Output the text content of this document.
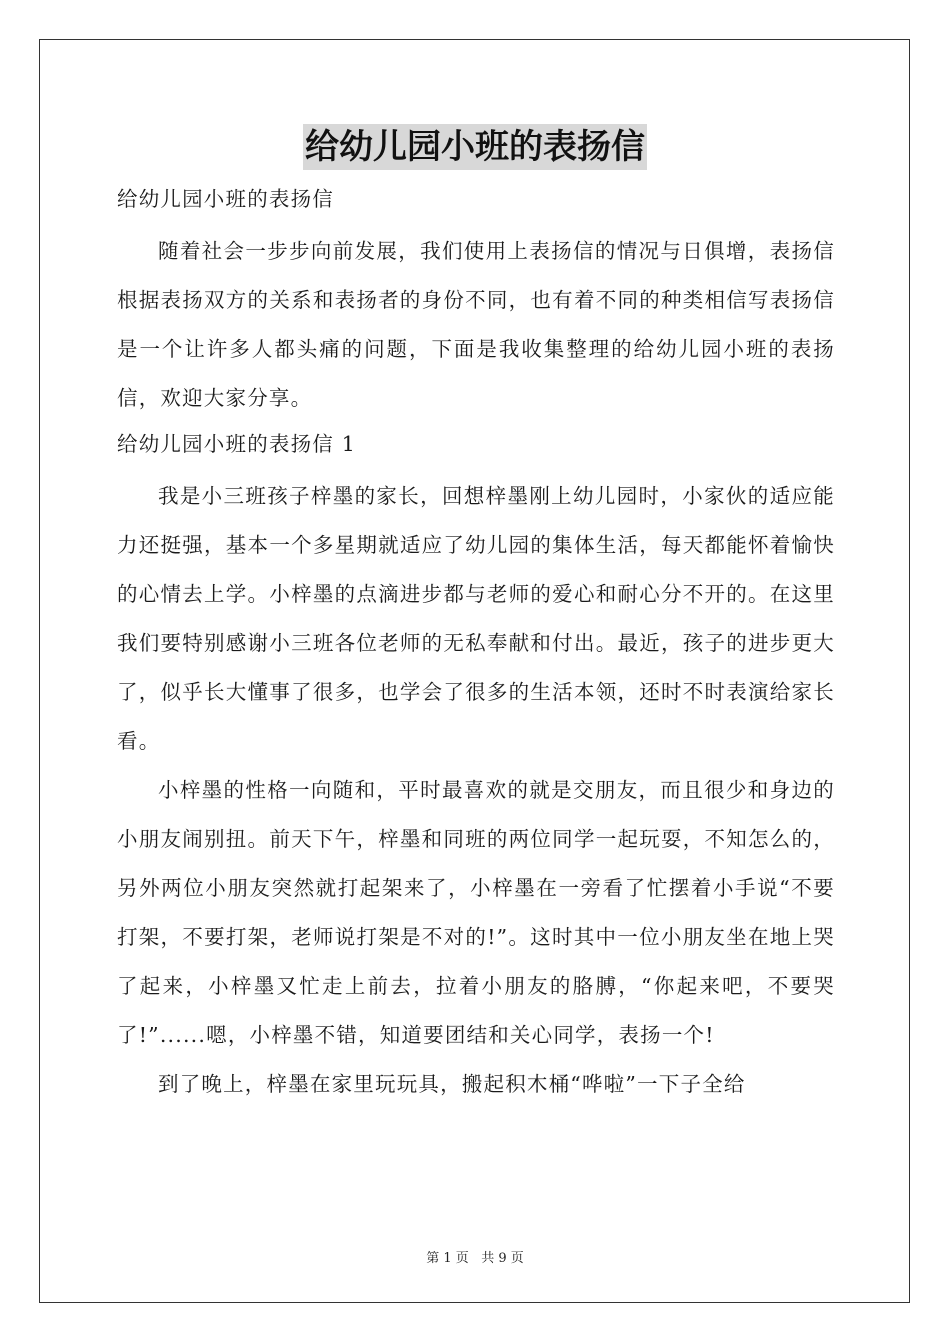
给幼儿园小班的表扬信

给幼儿园小班的表扬信

随着社会一步步向前发展，我们使用上表扬信的情况与日俱增，表扬信根据表扬双方的关系和表扬者的身份不同，也有着不同的种类相信写表扬信是一个让许多人都头痛的问题，下面是我收集整理的给幼儿园小班的表扬信，欢迎大家分享。

给幼儿园小班的表扬信 1

我是小三班孩子梓墨的家长，回想梓墨刚上幼儿园时，小家伙的适应能力还挺强，基本一个多星期就适应了幼儿园的集体生活，每天都能怀着愉快的心情去上学。小梓墨的点滴进步都与老师的爱心和耐心分不开的。在这里我们要特别感谢小三班各位老师的无私奉献和付出。最近，孩子的进步更大了，似乎长大懂事了很多，也学会了很多的生活本领，还时不时表演给家长看。

小梓墨的性格一向随和，平时最喜欢的就是交朋友，而且很少和身边的小朋友闹别扭。前天下午，梓墨和同班的两位同学一起玩耍，不知怎么的，另外两位小朋友突然就打起架来了，小梓墨在一旁看了忙摆着小手说“不要打架，不要打架，老师说打架是不对的!”。这时其中一位小朋友坐在地上哭了起来，小梓墨又忙走上前去，拉着小朋友的胳膊，“你起来吧，不要哭了!”......嗯，小梓墨不错，知道要团结和关心同学，表扬一个!

到了晚上，梓墨在家里玩玩具，搬起积木桶“哗啦”一下子全给

第 1 页 共 9 页
